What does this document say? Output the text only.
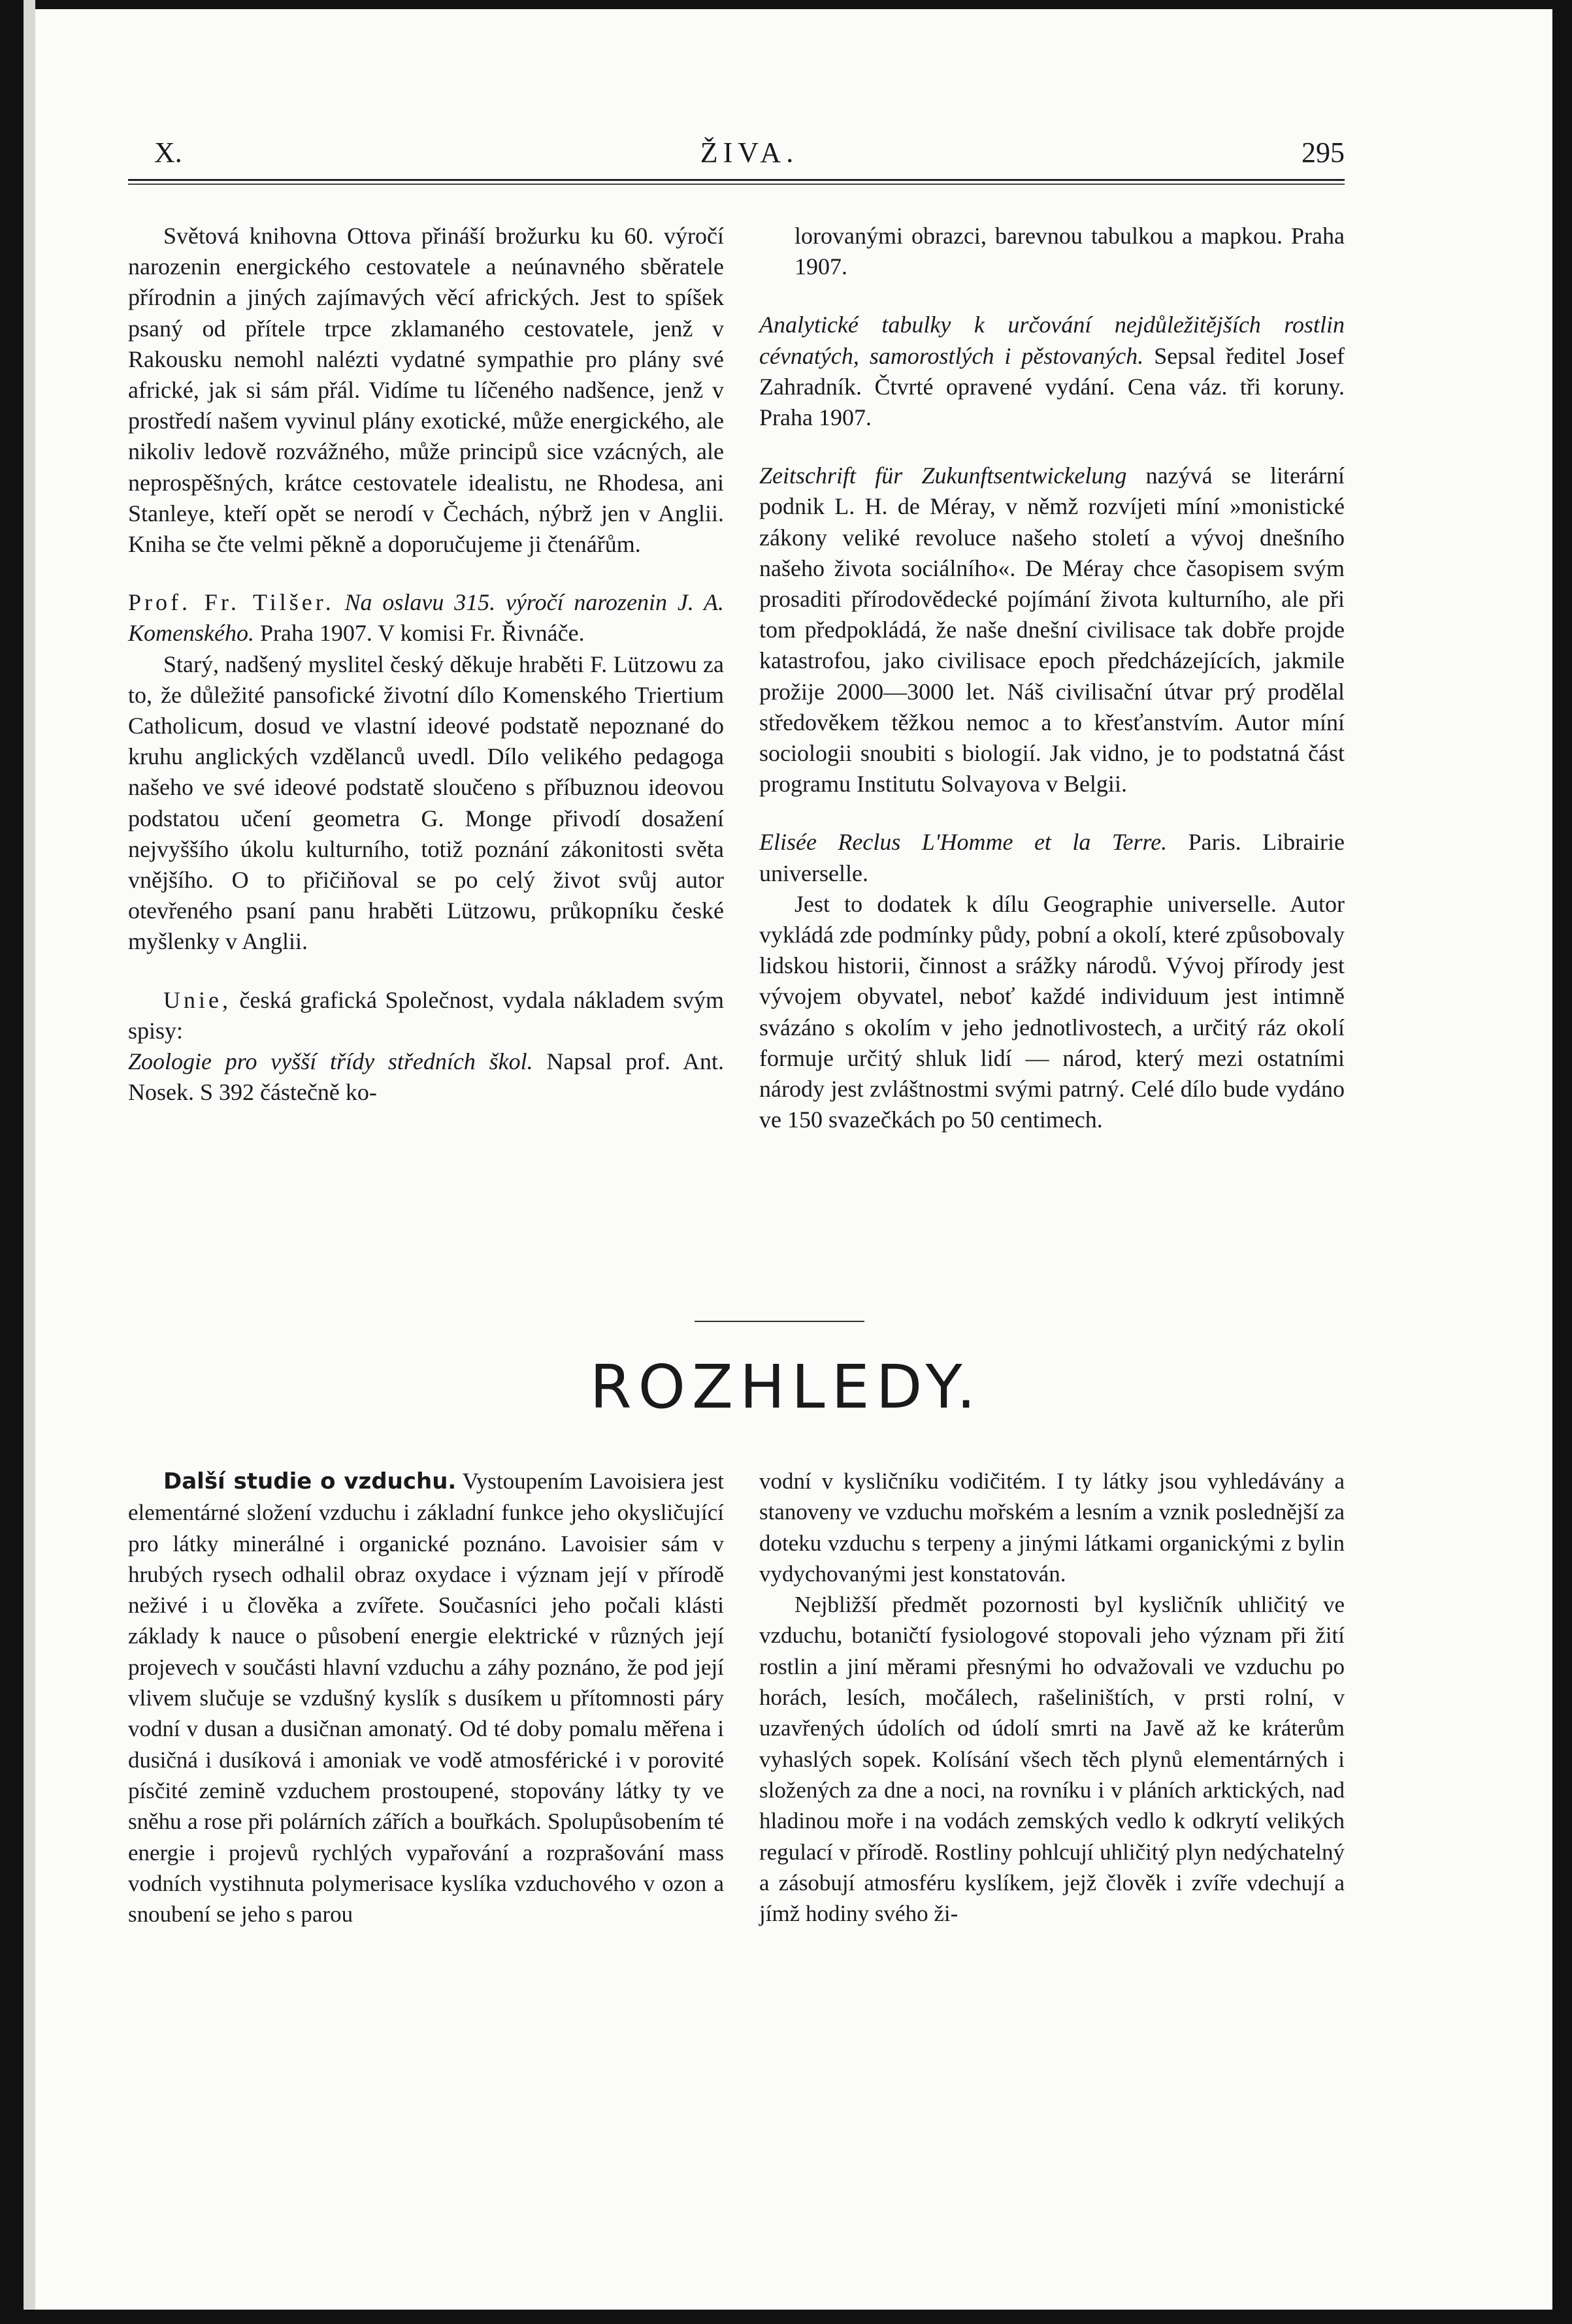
X.	ŽIVA.	295

Světová knihovna Ottova přináší brožurku ku 60. výročí narozenin energického cestovatele a neúnavného sběratele přírodnin a jiných zajímavých věcí afrických. Jest to spíšek psaný od přítele trpce zklamaného cestovatele, jenž v Rakousku nemohl nalézti vydatné sympathie pro plány své africké, jak si sám přál. Vidíme tu líčeného nadšence, jenž v prostředí našem vyvinul plány exotické, může energického, ale nikoliv ledově rozvážného, může principů sice vzácných, ale neprospěšných, krátce cestovatele idealistu, ne Rhodesa, ani Stanleye, kteří opět se nerodí v Čechách, nýbrž jen v Anglii. Kniha se čte velmi pěkně a doporučujeme ji čtenářům.

Prof. Fr. Tilšer. Na oslavu 315. výročí narozenin J. A. Komenského. Praha 1907. V komisi Fr. Řivnáče.

Starý, nadšený myslitel český děkuje hraběti F. Lützowu za to, že důležité pansofické životní dílo Komenského Triertium Catholicum, dosud ve vlastní ideové podstatě nepoznané do kruhu anglických vzdělanců uvedl. Dílo velikého pedagoga našeho ve své ideové podstatě sloučeno s příbuznou ideovou podstatou učení geometra G. Monge přivodí dosažení nejvyššího úkolu kulturního, totiž poznání zákonitosti světa vnějšího. O to přičiňoval se po celý život svůj autor otevřeného psaní panu hraběti Lützowu, průkopníku české myšlenky v Anglii.

Unie, česká grafická Společnost, vydala nákladem svým spisy:

Zoologie pro vyšší třídy středních škol. Napsal prof. Ant. Nosek. S 392 částečně ko-

lorovanými obrazci, barevnou tabulkou a mapkou. Praha 1907.

Analytické tabulky k určování nejdůležitějších rostlin cévnatých, samorostlých i pěstovaných. Sepsal ředitel Josef Zahradník. Čtvrté opravené vydání. Cena váz. tři koruny. Praha 1907.

Zeitschrift für Zukunftsentwickelung nazývá se literární podnik L. H. de Méray, v němž rozvíjeti míní »monistické zákony veliké revoluce našeho století a vývoj dnešního našeho života sociálního«. De Méray chce časopisem svým prosaditi přírodovědecké pojímání života kulturního, ale při tom předpokládá, že naše dnešní civilisace tak dobře projde katastrofou, jako civilisace epoch předcházejících, jakmile prožije 2000—3000 let. Náš civilisační útvar prý prodělal středověkem těžkou nemoc a to křesťanstvím. Autor míní sociologii snoubiti s biologií. Jak vidno, je to podstatná část programu Institutu Solvayova v Belgii.

Elisée Reclus L'Homme et la Terre. Paris. Librairie universelle.

Jest to dodatek k dílu Geographie universelle. Autor vykládá zde podmínky půdy, pobní a okolí, které způsobovaly lidskou historii, činnost a srážky národů. Vývoj přírody jest vývojem obyvatel, neboť každé individuum jest intimně svázáno s okolím v jeho jednotlivostech, a určitý ráz okolí formuje určitý shluk lidí — národ, který mezi ostatními národy jest zvláštnostmi svými patrný. Celé dílo bude vydáno ve 150 svazečkách po 50 centimech.

ROZHLEDY.

Další studie o vzduchu. Vystoupením Lavoisiera jest elementárné složení vzduchu i základní funkce jeho okysličující pro látky minerálné i organické poznáno. Lavoisier sám v hrubých rysech odhalil obraz oxydace i význam její v přírodě neživé i u člověka a zvířete. Současníci jeho počali klásti základy k nauce o působení energie elektrické v různých její projevech v součásti hlavní vzduchu a záhy poznáno, že pod její vlivem slučuje se vzdušný kyslík s dusíkem u přítomnosti páry vodní v dusan a dusičnan amonatý. Od té doby pomalu měřena i dusičná i dusíková i amoniak ve vodě atmosférické i v porovité písčité zemině vzduchem prostoupené, stopovány látky ty ve sněhu a rose při polárních zářích a bouřkách. Spolupůsobením té energie i projevů rychlých vypařování a rozprašování mass vodních vystihnuta polymerisace kyslíka vzduchového v ozon a snoubení se jeho s parou

vodní v kysličníku vodičitém. I ty látky jsou vyhledávány a stanoveny ve vzduchu mořském a lesním a vznik poslednější za doteku vzduchu s terpeny a jinými látkami organickými z bylin vydychovanými jest konstatován.

Nejbližší předmět pozornosti byl kysličník uhličitý ve vzduchu, botaničtí fysiologové stopovali jeho význam při žití rostlin a jiní měrami přesnými ho odvažovali ve vzduchu po horách, lesích, močálech, rašeliništích, v prsti rolní, v uzavřených údolích od údolí smrti na Javě až ke kráterům vyhaslých sopek. Kolísání všech těch plynů elementárných i složených za dne a noci, na rovníku i v pláních arktických, nad hladinou moře i na vodách zemských vedlo k odkrytí velikých regulací v přírodě. Rostliny pohlcují uhličitý plyn nedýchatelný a zásobují atmosféru kyslíkem, jejž člověk i zvíře vdechují a jímž hodiny svého ži-
